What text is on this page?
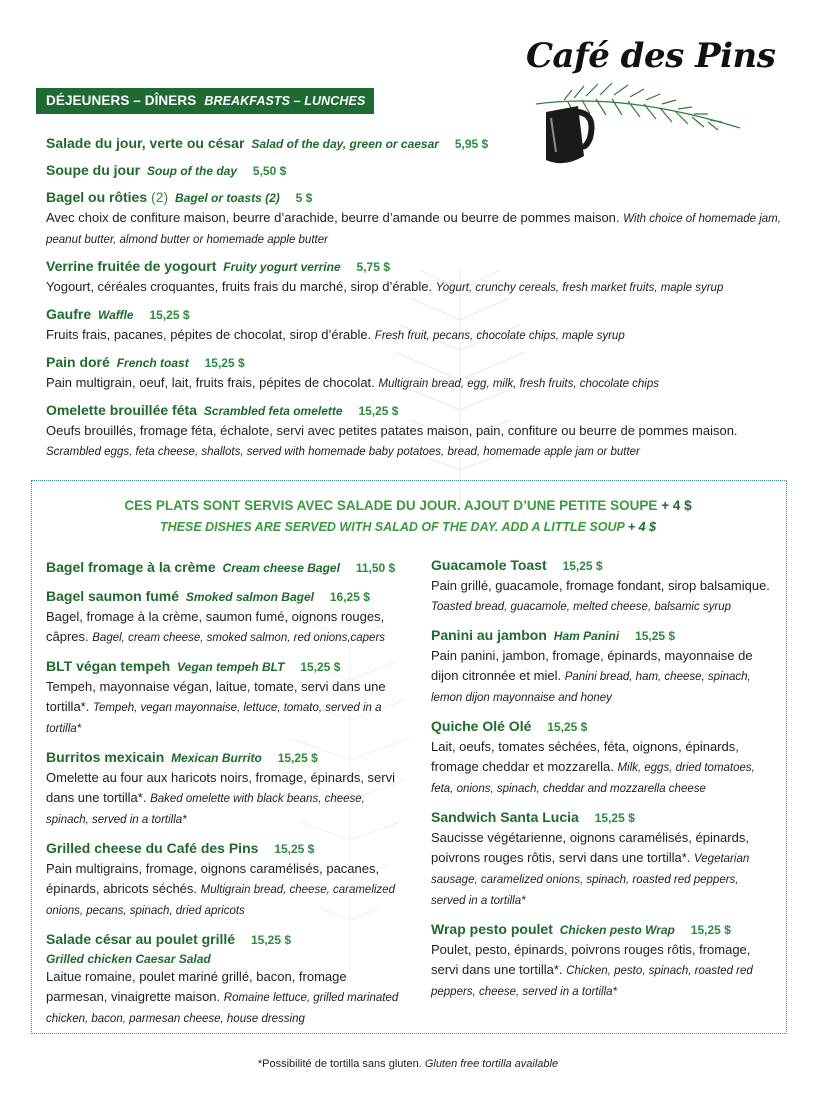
DÉJEUNERS – DÎNERS BREAKFASTS – LUNCHES
Café des Pins
Salade du jour, verte ou césar Salad of the day, green or caesar 5,95 $
Soupe du jour Soup of the day 5,50 $
Bagel ou rôties (2) Bagel or toasts (2) 5 $
Avec choix de confiture maison, beurre d’arachide, beurre d’amande ou beurre de pommes maison. With choice of homemade jam, peanut butter, almond butter or homemade apple butter
Verrine fruitée de yogourt Fruity yogurt verrine 5,75 $
Yogourt, céréales croquantes, fruits frais du marché, sirop d’érable. Yogurt, crunchy cereals, fresh market fruits, maple syrup
Gaufre Waffle 15,25 $
Fruits frais, pacanes, pépites de chocolat, sirop d’érable. Fresh fruit, pecans, chocolate chips, maple syrup
Pain doré French toast 15,25 $
Pain multigrain, oeuf, lait, fruits frais, pépites de chocolat. Multigrain bread, egg, milk, fresh fruits, chocolate chips
Omelette brouillée féta Scrambled feta omelette 15,25 $
Oeufs brouillés, fromage féta, échalote, servi avec petites patates maison, pain, confiture ou beurre de pommes maison. Scrambled eggs, feta cheese, shallots, served with homemade baby potatoes, bread, homemade apple jam or butter
CES PLATS SONT SERVIS AVEC SALADE DU JOUR. AJOUT D’UNE PETITE SOUPE + 4 $
THESE DISHES ARE SERVED WITH SALAD OF THE DAY. ADD A LITTLE SOUP + 4 $
Bagel fromage à la crème Cream cheese Bagel 11,50 $
Bagel saumon fumé Smoked salmon Bagel 16,25 $
Bagel, fromage à la crème, saumon fumé, oignons rouges, câpres. Bagel, cream cheese, smoked salmon, red onions,capers
BLT végan tempeh Vegan tempeh BLT 15,25 $
Tempeh, mayonnaise végan, laitue, tomate, servi dans une tortilla*. Tempeh, vegan mayonnaise, lettuce, tomato, served in a tortilla*
Burritos mexicain Mexican Burrito 15,25 $
Omelette au four aux haricots noirs, fromage, épinards, servi dans une tortilla*. Baked omelette with black beans, cheese, spinach, served in a tortilla*
Grilled cheese du Café des Pins 15,25 $
Pain multigrains, fromage, oignons caramélisés, pacanes, épinards, abricots séchés. Multigrain bread, cheese, caramelized onions, pecans, spinach, dried apricots
Salade césar au poulet grillé 15,25 $
Grilled chicken Caesar Salad
Laitue romaine, poulet mariné grillé, bacon, fromage parmesan, vinaigrette maison. Romaine lettuce, grilled marinated chicken, bacon, parmesan cheese, house dressing
Guacamole Toast 15,25 $
Pain grillé, guacamole, fromage fondant, sirop balsamique. Toasted bread, guacamole, melted cheese, balsamic syrup
Panini au jambon Ham Panini 15,25 $
Pain panini, jambon, fromage, épinards, mayonnaise de dijon citronnée et miel. Panini bread, ham, cheese, spinach, lemon dijon mayonnaise and honey
Quiche Olé Olé 15,25 $
Lait, oeufs, tomates séchées, féta, oignons, épinards, fromage cheddar et mozzarella. Milk, eggs, dried tomatoes, feta, onions, spinach, cheddar and mozzarella cheese
Sandwich Santa Lucia 15,25 $
Saucisse végétarienne, oignons caramélisés, épinards, poivrons rouges rôtis, servi dans une tortilla*. Vegetarian sausage, caramelized onions, spinach, roasted red peppers, served in a tortilla*
Wrap pesto poulet Chicken pesto Wrap 15,25 $
Poulet, pesto, épinards, poivrons rouges rôtis, fromage, servi dans une tortilla*. Chicken, pesto, spinach, roasted red peppers, cheese, served in a tortilla*
*Possibilité de tortilla sans gluten. Gluten free tortilla available
